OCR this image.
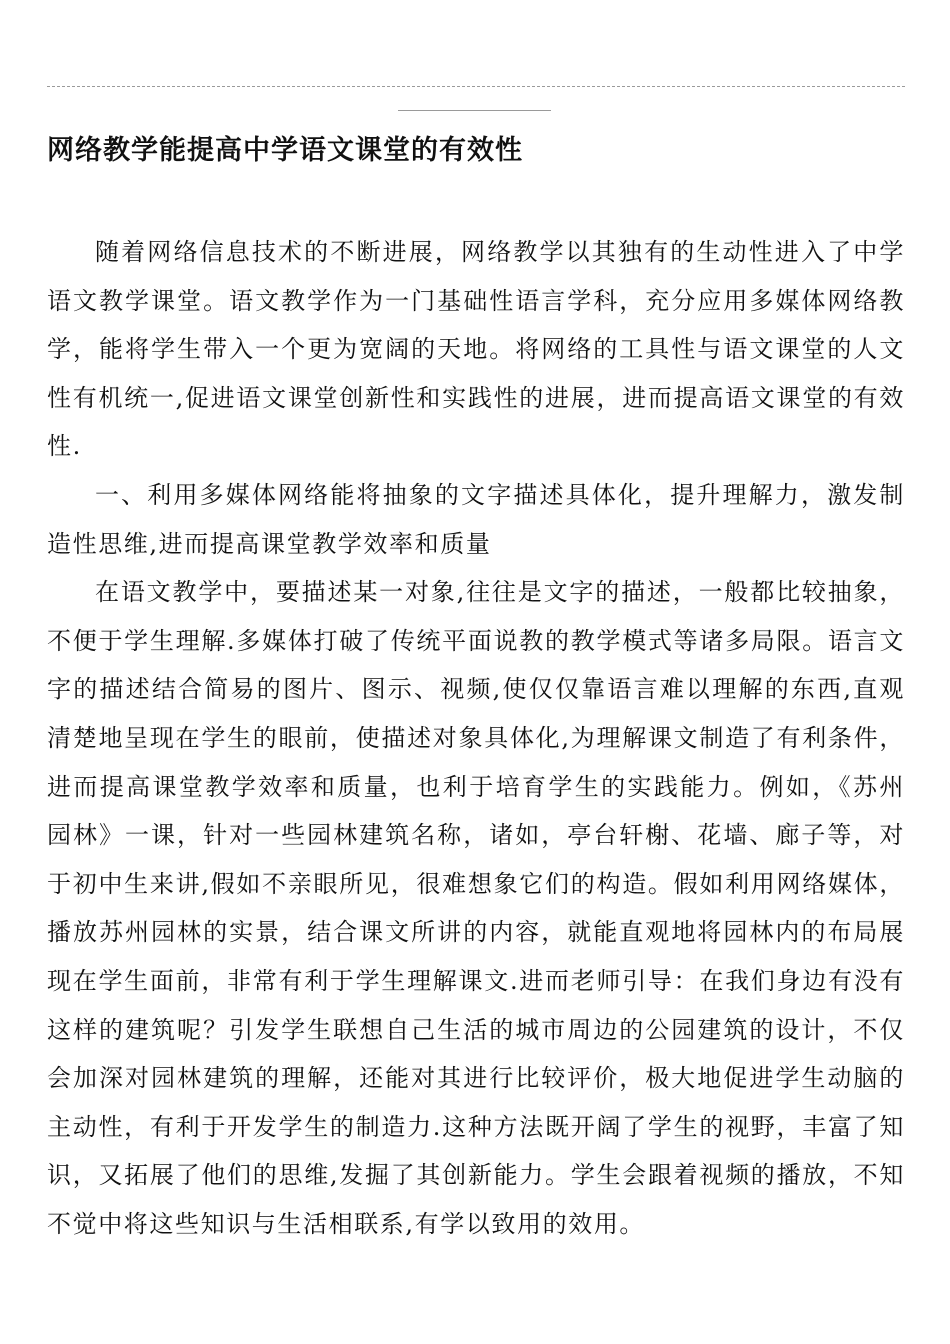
网络教学能提高中学语文课堂的有效性

随着网络信息技术的不断进展，网络教学以其独有的生动性进入了中学语文教学课堂。语文教学作为一门基础性语言学科，充分应用多媒体网络教学，能将学生带入一个更为宽阔的天地。将网络的工具性与语文课堂的人文性有机统一,促进语文课堂创新性和实践性的进展，进而提高语文课堂的有效性.

一、利用多媒体网络能将抽象的文字描述具体化，提升理解力，激发制造性思维,进而提高课堂教学效率和质量

在语文教学中，要描述某一对象,往往是文字的描述，一般都比较抽象，不便于学生理解.多媒体打破了传统平面说教的教学模式等诸多局限。语言文字的描述结合简易的图片、图示、视频,使仅仅靠语言难以理解的东西,直观清楚地呈现在学生的眼前，使描述对象具体化,为理解课文制造了有利条件，进而提高课堂教学效率和质量，也利于培育学生的实践能力。例如，《苏州园林》一课，针对一些园林建筑名称，诸如，亭台轩榭、花墙、廊子等，对于初中生来讲,假如不亲眼所见，很难想象它们的构造。假如利用网络媒体，播放苏州园林的实景，结合课文所讲的内容，就能直观地将园林内的布局展现在学生面前，非常有利于学生理解课文.进而老师引导：在我们身边有没有这样的建筑呢？引发学生联想自己生活的城市周边的公园建筑的设计，不仅会加深对园林建筑的理解，还能对其进行比较评价，极大地促进学生动脑的主动性，有利于开发学生的制造力.这种方法既开阔了学生的视野，丰富了知识，又拓展了他们的思维,发掘了其创新能力。学生会跟着视频的播放，不知不觉中将这些知识与生活相联系,有学以致用的效用。
